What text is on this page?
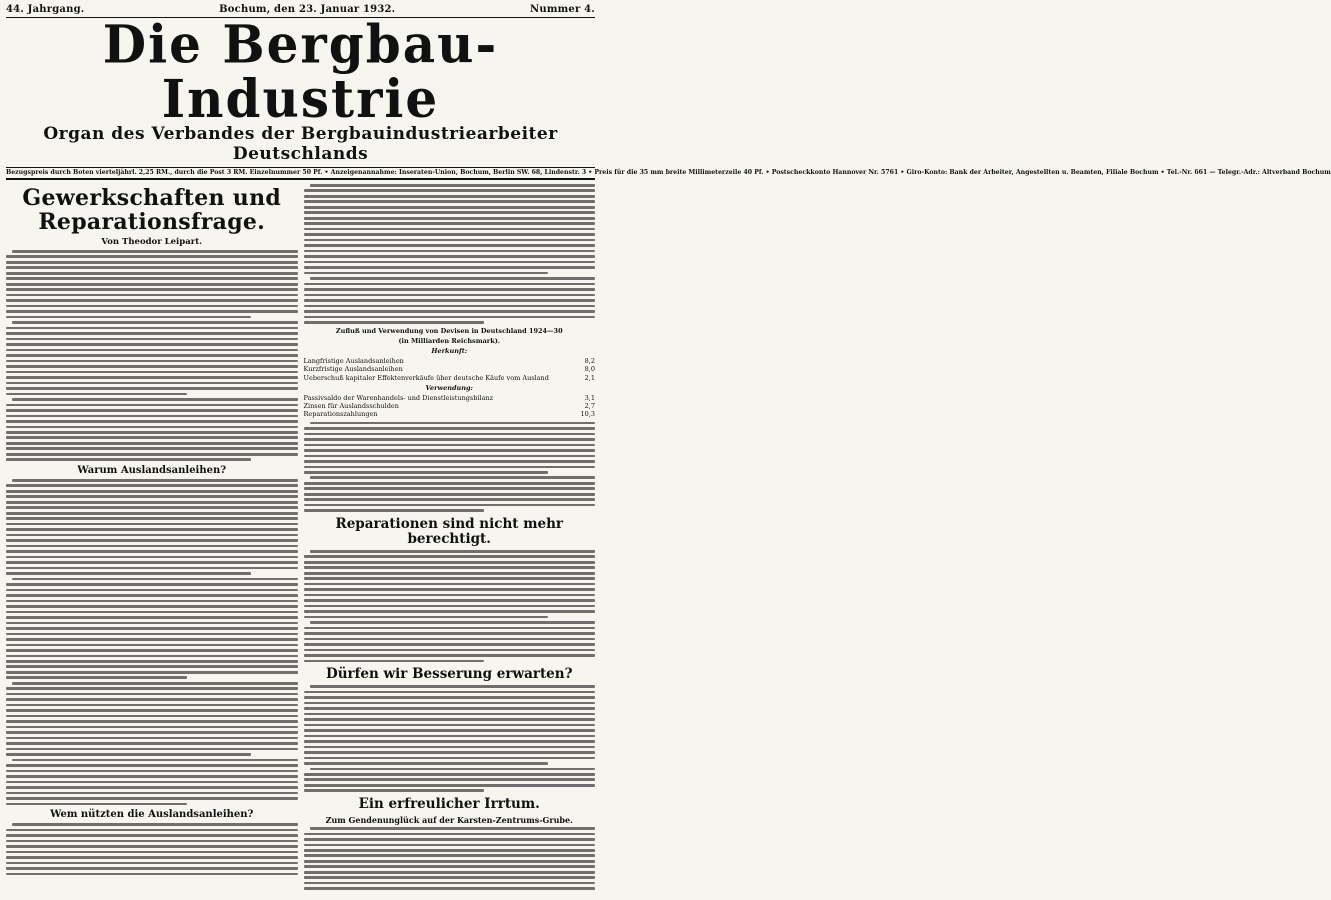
44. Jahrgang.	Bochum, den 23. Januar 1932.	Nummer 4.
Die Bergbau-Industrie
Organ des Verbandes der Bergbauindustriearbeiter Deutschlands
Bezugspreis durch Boten vierteljährl. 2,25 RM., durch die Post 3 RM. Einzelnummer 50 Pf. • Anzeigenannahme: Inseraten-Union, Bochum, Berlin SW. 68, Lindenstr. 3 • Preis für die 35 mm breite Millimeterzeile 40 Pf. • Postscheckkonto Hannover Nr. 5761 • Giro-Konto: Bank der Arbeiter, Angestellten u. Beamten, Filiale Bochum • Tel.-Nr. 661 — Telegr.-Adr.: Altverband Bochum
Gewerkschaften und Reparationsfrage.
Von Theodor Leipart.
Warum Auslandsanleihen?
Wem nützten die Auslandsanleihen?
Zufluß und Verwendung von Devisen in Deutschland 1924—30
(in Milliarden Reichsmark).
Herkunft:
Langfristige Auslandsanleihen	8,2
Kurzfristige Auslandsanleihen	8,0
Ueberschuß kapitaler Effektenverkäufe über deutsche Käufe vom Ausland	2,1
Verwendung:
Passivsaldo der Warenhandels- und Dienstleistungsbilanz	3,1
Zinsen für Auslandsschulden	2,7
Reparationszahlungen	10,3
Reparationen sind nicht mehr berechtigt.
Dürfen wir Besserung erwarten?
Ein erfreulicher Irrtum.
Zum Gendenunglück auf der Karsten-Zentrums-Grube.
